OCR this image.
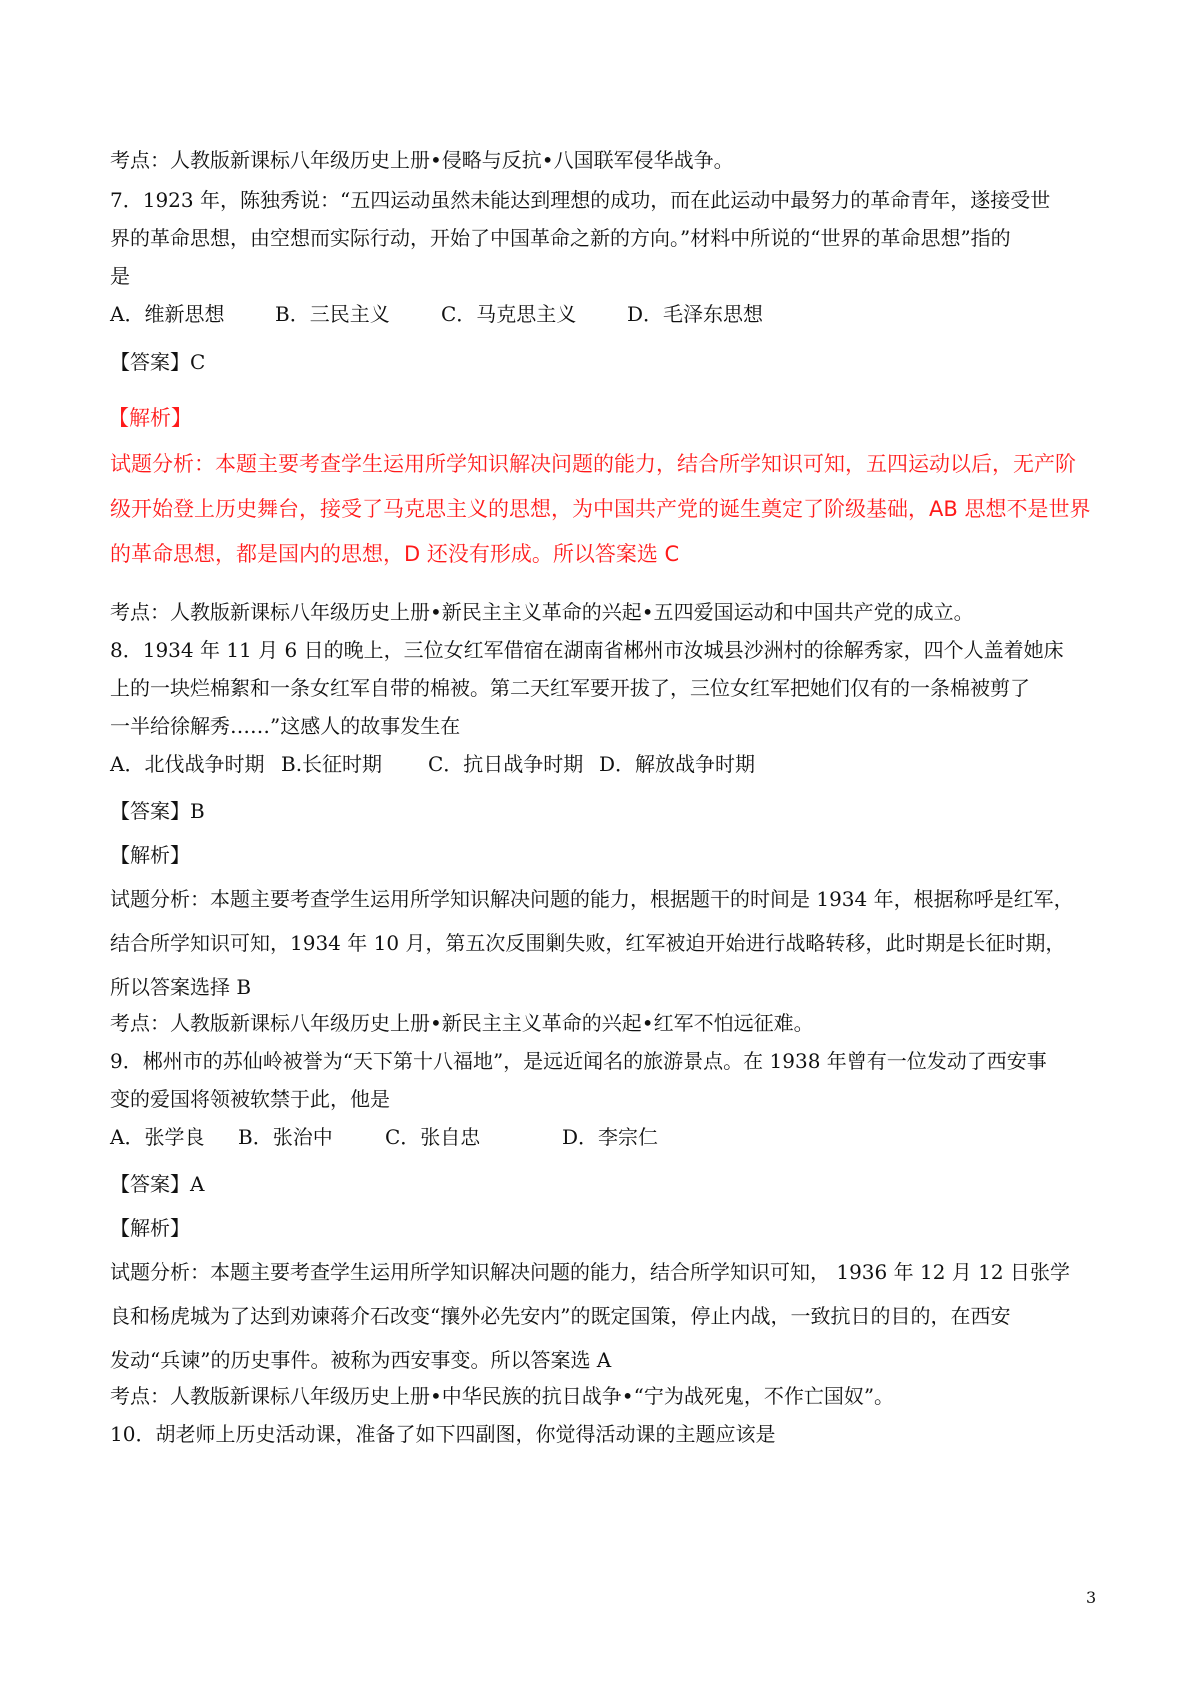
考点：人教版新课标八年级历史上册•侵略与反抗•八国联军侵华战争。
7．1923 年，陈独秀说：“五四运动虽然未能达到理想的成功，而在此运动中最努力的革命青年，遂接受世
界的革命思想，由空想而实际行动，开始了中国革命之新的方向。”材料中所说的“世界的革命思想”指的
是
A．维新思想	B．三民主义	C．马克思主义	D．毛泽东思想
【答案】C
【解析】
试题分析：本题主要考查学生运用所学知识解决问题的能力，结合所学知识可知，五四运动以后，无产阶
级开始登上历史舞台，接受了马克思主义的思想，为中国共产党的诞生奠定了阶级基础，AB 思想不是世界
的革命思想，都是国内的思想，D 还没有形成。所以答案选 C
考点：人教版新课标八年级历史上册•新民主主义革命的兴起•五四爱国运动和中国共产党的成立。
8．1934 年 11 月 6 日的晚上，三位女红军借宿在湖南省郴州市汝城县沙洲村的徐解秀家，四个人盖着她床
上的一块烂棉絮和一条女红军自带的棉被。第二天红军要开拔了，三位女红军把她们仅有的一条棉被剪了
一半给徐解秀……”这感人的故事发生在
A．北伐战争时期 B.长征时期 C．抗日战争时期 D．解放战争时期
【答案】B
【解析】
试题分析：本题主要考查学生运用所学知识解决问题的能力，根据题干的时间是 1934 年，根据称呼是红军，
结合所学知识可知，1934 年 10 月，第五次反围剿失败，红军被迫开始进行战略转移，此时期是长征时期，
所以答案选择 B
考点：人教版新课标八年级历史上册•新民主主义革命的兴起•红军不怕远征难。
9．郴州市的苏仙岭被誉为“天下第十八福地”，是远近闻名的旅游景点。在 1938 年曾有一位发动了西安事
变的爱国将领被软禁于此，他是
A．张学良 B．张治中	C．张自忠	D．李宗仁
【答案】A
【解析】
试题分析：本题主要考查学生运用所学知识解决问题的能力，结合所学知识可知， 1936 年 12 月 12 日张学
良和杨虎城为了达到劝谏蒋介石改变“攘外必先安内”的既定国策，停止内战，一致抗日的目的，在西安
发动“兵谏”的历史事件。被称为西安事变。所以答案选 A
考点：人教版新课标八年级历史上册•中华民族的抗日战争•“宁为战死鬼，不作亡国奴”。
10．胡老师上历史活动课，准备了如下四副图，你觉得活动课的主题应该是
3
